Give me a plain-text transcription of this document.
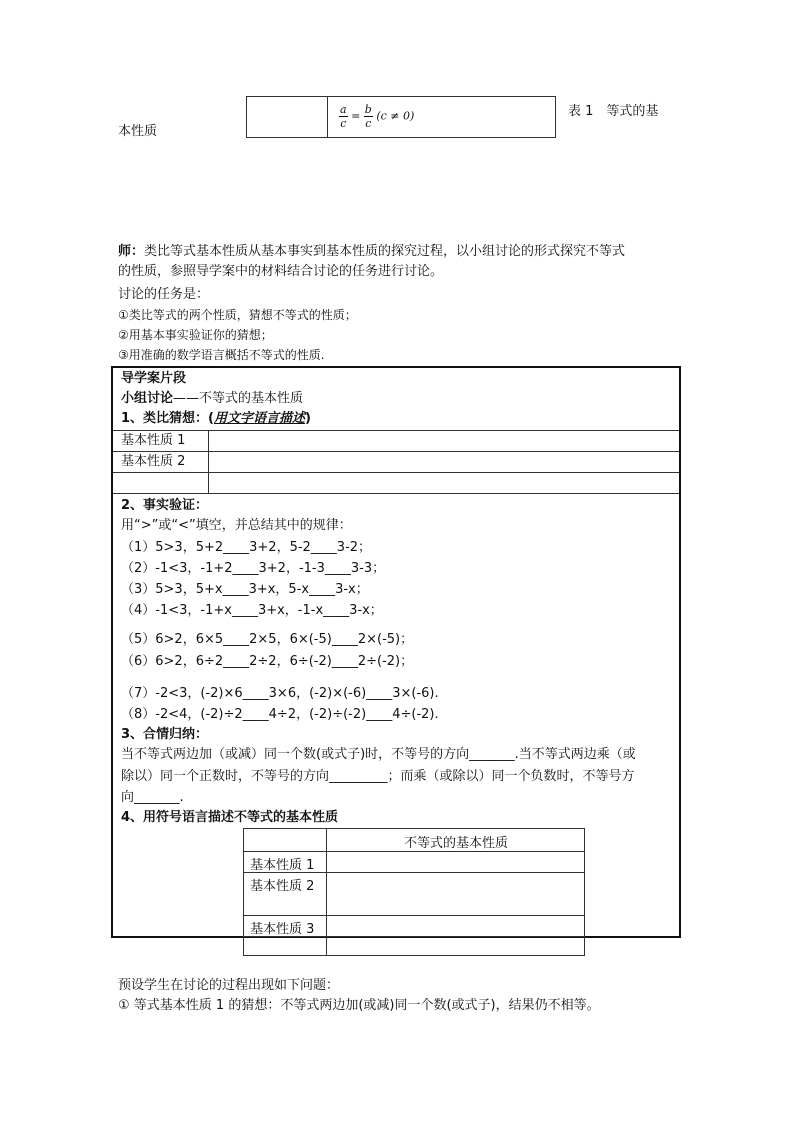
$\frac{a}{c} = \frac{b}{c} (c \ne 0)$	表 1　等式的基
本性质
师：类比等式基本性质从基本事实到基本性质的探究过程，以小组讨论的形式探究不等式
的性质，参照导学案中的材料结合讨论的任务进行讨论。
讨论的任务是：
①类比等式的两个性质，猜想不等式的性质；
②用基本事实验证你的猜想；
③用准确的数学语言概括不等式的性质.
导学案片段
小组讨论——不等式的基本性质
1、类比猜想：(用文字语言描述)
基本性质 1
基本性质 2
2、事实验证：
用“>”或“<”填空，并总结其中的规律：
（1）5>3，5+2____3+2，5-2____3-2；
（2）-1<3，-1+2____3+2，-1-3____3-3；
（3）5>3，5+x____3+x，5-x____3-x；
（4）-1<3，-1+x____3+x，-1-x____3-x；
（5）6>2，6×5____2×5，6×(-5)____2×(-5)；
（6）6>2，6÷2____2÷2，6÷(-2)____2÷(-2)；
（7）-2<3，(-2)×6____3×6，(-2)×(-6)____3×(-6).
（8）-2<4，(-2)÷2____4÷2，(-2)÷(-2)____4÷(-2).
3、合情归纳：
当不等式两边加（或减）同一个数(或式子)时，不等号的方向_______.当不等式两边乘（或
除以）同一个正数时，不等号的方向_________；而乘（或除以）同一个负数时，不等号方
向_______.
4、用符号语言描述不等式的基本性质
不等式的基本性质
基本性质 1
基本性质 2
基本性质 3
预设学生在讨论的过程出现如下问题：
① 等式基本性质 1 的猜想：不等式两边加(或减)同一个数(或式子)，结果仍不相等。
